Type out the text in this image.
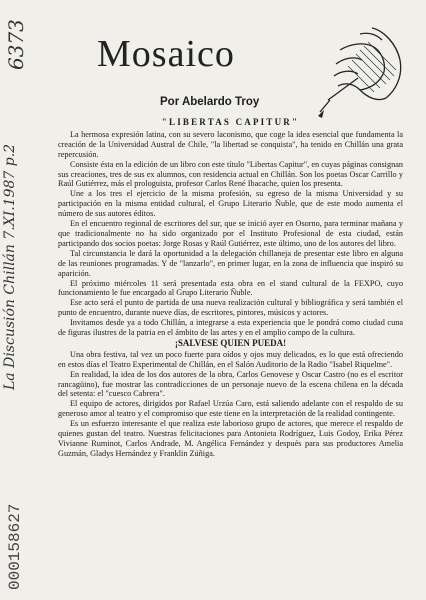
6373
La Discusión Chillán 7.XI.1987 p.2
000158627
Mosaico
Por Abelardo Troy
"LIBERTAS CAPITUR"

La hermosa expresión latina, con su severo laconismo, que coge la idea esencial que fundamenta la creación de la Universidad Austral de Chile, "la libertad se conquista", ha tenido en Chillán una grata repercusión.

Consiste ésta en la edición de un libro con este título "Libertas Capitur", en cuyas páginas consignan sus creaciones, tres de sus ex alumnos, con residencia actual en Chillán. Son los poetas Oscar Carrillo y Raúl Gutiérrez, más el prologuista, profesor Carlos René Ibacache, quien los presenta.

Une a los tres el ejercicio de la misma profesión, su egreso de la misma Universidad y su participación en la misma entidad cultural, el Grupo Literario Ñuble, que de este modo aumenta el número de sus autores éditos.

En el encuentro regional de escritores del sur, que se inició ayer en Osorno, para terminar mañana y que tradicionalmente no ha sido organizado por el Instituto Profesional de esta ciudad, están participando dos socios poetas: Jorge Rosas y Raúl Gutiérrez, este último, uno de los autores del libro.

Tal circunstancia le dará la oportunidad a la delegación chillaneja de presentar este libro en alguna de las reuniones programadas. Y de "lanzarlo", en primer lugar, en la zona de influencia que inspiró su aparición.

El próximo miércoles 11 será presentada esta obra en el stand cultural de la FEXPO, cuyo funcionamiento le fue encargado al Grupo Literario Ñuble.

Ese acto será el punto de partida de una nueva realización cultural y bibliográfica y será también el punto de encuentro, durante nueve días, de escritores, pintores, músicos y actores.

Invitamos desde ya a todo Chillán, a integrarse a esta experiencia que le pondrá como ciudad cuna de figuras ilustres de la patria en el ámbito de las artes y en el amplio campo de la cultura.

¡SALVESE QUIEN PUEDA!

Una obra festiva, tal vez un poco fuerte para oídos y ojos muy delicados, es lo que está ofreciendo en estos días el Teatro Experimental de Chillán, en el Salón Auditorio de la Radio "Isabel Riquelme".

En realidad, la idea de los dos autores de la obra, Carlos Genovese y Oscar Castro (no es el escritor rancagüino), fue mostrar las contradicciones de un personaje nuevo de la escena chilena en la década del setenta: el "cuesco Cabrera".

El equipo de actores, dirigidos por Rafael Urzúa Caro, está saliendo adelante con el respaldo de su generoso amor al teatro y el compromiso que este tiene en la interpretación de la realidad contingente.

Es un esfuerzo interesante el que realiza este laborioso grupo de actores, que merece el respaldo de quienes gustan del teatro. Nuestras felicitaciones para Antonieta Rodríguez, Luis Godoy, Erika Pérez Vivianne Ruminot, Carlos Andrade, M. Angélica Fernández y después para sus productores Amelia Guzmán, Gladys Hernández y Franklin Zúñiga.
